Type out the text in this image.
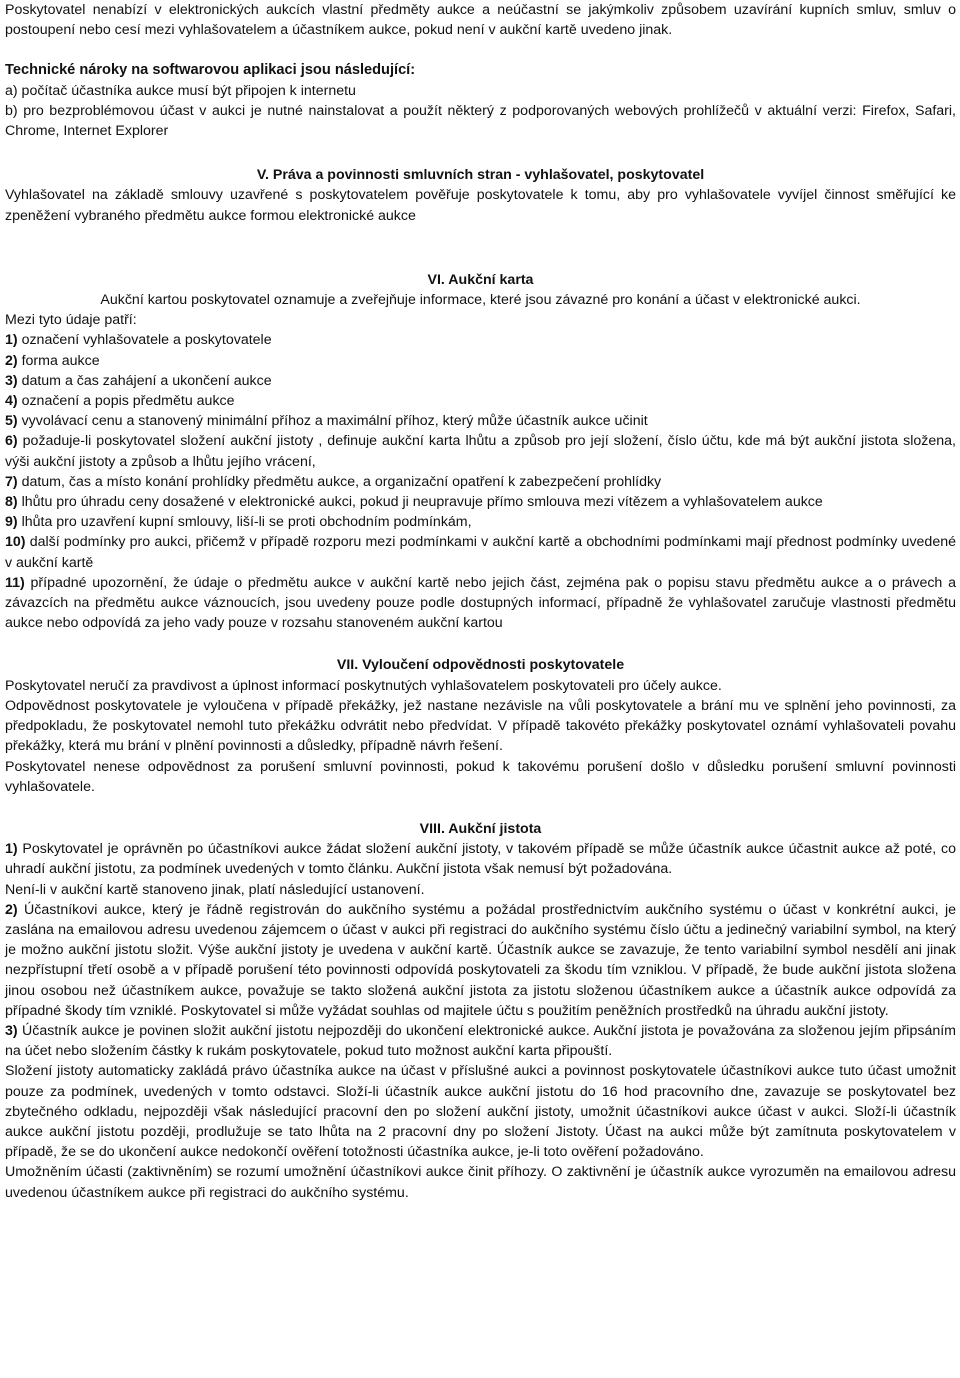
Poskytovatel nenabízí v elektronických aukcích vlastní předměty aukce a neúčastní se jakýmkoliv způsobem uzavírání kupních smluv, smluv o postoupení nebo cesí mezi vyhlašovatelem a účastníkem aukce, pokud není v aukční kartě uvedeno jinak.

Technické nároky na softwarovou aplikaci jsou následující:

a) počítač účastníka aukce musí být připojen k internetu

b) pro bezproblémovou účast v aukci je nutné nainstalovat a použít některý z podporovaných webových prohlížečů v aktuální verzi: Firefox, Safari, Chrome, Internet Explorer

V. Práva a povinnosti smluvních stran - vyhlašovatel, poskytovatel

Vyhlašovatel na základě smlouvy uzavřené s poskytovatelem pověřuje poskytovatele k tomu, aby pro vyhlašovatele vyvíjel činnost směřující ke zpeněžení vybraného předmětu aukce formou elektronické aukce

VI. Aukční karta

Aukční kartou poskytovatel oznamuje a zveřejňuje informace, které jsou závazné pro konání a účast v elektronické aukci.

Mezi tyto údaje patří:

1) označení vyhlašovatele a poskytovatele

2) forma aukce

3) datum a čas zahájení a ukončení aukce

4) označení a popis předmětu aukce

5) vyvolávací cenu a stanovený minimální příhoz a maximální příhoz, který může účastník aukce učinit

6) požaduje-li poskytovatel složení aukční jistoty , definuje aukční karta lhůtu a způsob pro její složení, číslo účtu, kde má být aukční jistota složena, výši aukční jistoty a způsob a lhůtu jejího vrácení,

7) datum, čas a místo konání prohlídky předmětu aukce, a organizační opatření k zabezpečení prohlídky

8) lhůtu pro úhradu ceny dosažené v elektronické aukci, pokud ji neupravuje přímo smlouva mezi vítězem a vyhlašovatelem aukce

9) lhůta pro uzavření kupní smlouvy, liší-li se proti obchodním podmínkám,

10) další podmínky pro aukci, přičemž v případě rozporu mezi podmínkami v aukční kartě a obchodními podmínkami mají přednost podmínky uvedené v aukční kartě

11) případné upozornění, že údaje o předmětu aukce v aukční kartě nebo jejich část, zejména pak o popisu stavu předmětu aukce a o právech a závazcích na předmětu aukce váznoucích, jsou uvedeny pouze podle dostupných informací, případně že vyhlašovatel zaručuje vlastnosti předmětu aukce nebo odpovídá za jeho vady pouze v rozsahu stanoveném aukční kartou

VII. Vyloučení odpovědnosti poskytovatele

Poskytovatel neručí za pravdivost a úplnost informací poskytnutých vyhlašovatelem poskytovateli pro účely aukce.

Odpovědnost poskytovatele je vyloučena v případě překážky, jež nastane nezávisle na vůli poskytovatele a brání mu ve splnění jeho povinnosti, za předpokladu, že poskytovatel nemohl tuto překážku odvrátit nebo předvídat. V případě takovéto překážky poskytovatel oznámí vyhlašovateli povahu překážky, která mu brání v plnění povinnosti a důsledky, případně návrh řešení.

Poskytovatel nenese odpovědnost za porušení smluvní povinnosti, pokud k takovému porušení došlo v důsledku porušení smluvní povinnosti vyhlašovatele.

VIII. Aukční jistota

1) Poskytovatel je oprávněn po účastníkovi aukce žádat složení aukční jistoty, v takovém případě se může účastník aukce účastnit aukce až poté, co uhradí aukční jistotu, za podmínek uvedených v tomto článku. Aukční jistota však nemusí být požadována.

Není-li v aukční kartě stanoveno jinak, platí následující ustanovení.

2) Účastníkovi aukce, který je řádně registrován do aukčního systému a požádal prostřednictvím aukčního systému o účast v konkrétní aukci, je zaslána na emailovou adresu uvedenou zájemcem o účast v aukci při registraci do aukčního systému číslo účtu a jedinečný variabilní symbol, na který je možno aukční jistotu složit. Výše aukční jistoty je uvedena v aukční kartě. Účastník aukce se zavazuje, že tento variabilní symbol nesdělí ani jinak nezpřístupní třetí osobě a v případě porušení této povinnosti odpovídá poskytovateli za škodu tím vzniklou. V případě, že bude aukční jistota složena jinou osobou než účastníkem aukce, považuje se takto složená aukční jistota za jistotu složenou účastníkem aukce a účastník aukce odpovídá za případné škody tím vzniklé. Poskytovatel si může vyžádat souhlas od majitele účtu s použitím peněžních prostředků na úhradu aukční jistoty.

3) Účastník aukce je povinen složit aukční jistotu nejpozději do ukončení elektronické aukce. Aukční jistota je považována za složenou jejím připsáním na účet nebo složením částky k rukám poskytovatele, pokud tuto možnost aukční karta připouští.

Složení jistoty automaticky zakládá právo účastníka aukce na účast v příslušné aukci a povinnost poskytovatele účastníkovi aukce tuto účast umožnit pouze za podmínek, uvedených v tomto odstavci. Složí-li účastník aukce aukční jistotu do 16 hod pracovního dne, zavazuje se poskytovatel bez zbytečného odkladu, nejpozději však následující pracovní den po složení aukční jistoty, umožnit účastníkovi aukce účast v aukci. Složí-li účastník aukce aukční jistotu později, prodlužuje se tato lhůta na 2 pracovní dny po složení Jistoty. Účast na aukci může být zamítnuta poskytovatelem v případě, že se do ukončení aukce nedokončí ověření totožnosti účastníka aukce, je-li toto ověření požadováno.

Umožněním účasti (zaktivněním) se rozumí umožnění účastníkovi aukce činit příhozy. O zaktivnění je účastník aukce vyrozuměn na emailovou adresu uvedenou účastníkem aukce při registraci do aukčního systému.
